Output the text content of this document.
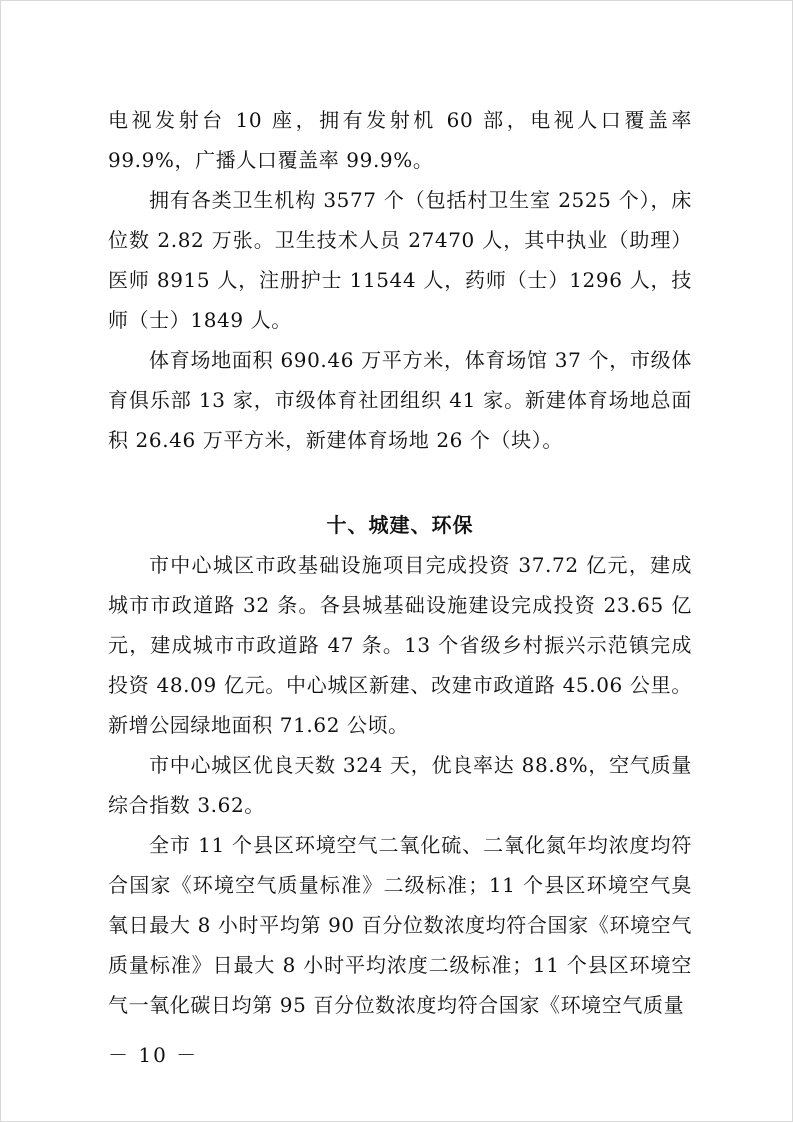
电视发射台 10 座，拥有发射机 60 部，电视人口覆盖率 99.9%，广播人口覆盖率 99.9%。

拥有各类卫生机构 3577 个（包括村卫生室 2525 个），床位数 2.82 万张。卫生技术人员 27470 人，其中执业（助理）医师 8915 人，注册护士 11544 人，药师（士）1296 人，技师（士）1849 人。

体育场地面积 690.46 万平方米，体育场馆 37 个，市级体育俱乐部 13 家，市级体育社团组织 41 家。新建体育场地总面积 26.46 万平方米，新建体育场地 26 个（块）。

十、城建、环保

市中心城区市政基础设施项目完成投资 37.72 亿元，建成城市市政道路 32 条。各县城基础设施建设完成投资 23.65 亿元，建成城市市政道路 47 条。13 个省级乡村振兴示范镇完成投资 48.09 亿元。中心城区新建、改建市政道路 45.06 公里。新增公园绿地面积 71.62 公顷。

市中心城区优良天数 324 天，优良率达 88.8%，空气质量综合指数 3.62。

全市 11 个县区环境空气二氧化硫、二氧化氮年均浓度均符合国家《环境空气质量标准》二级标准；11 个县区环境空气臭氧日最大 8 小时平均第 90 百分位数浓度均符合国家《环境空气质量标准》日最大 8 小时平均浓度二级标准；11 个县区环境空气一氧化碳日均第 95 百分位数浓度均符合国家《环境空气质量

－ 10 －
